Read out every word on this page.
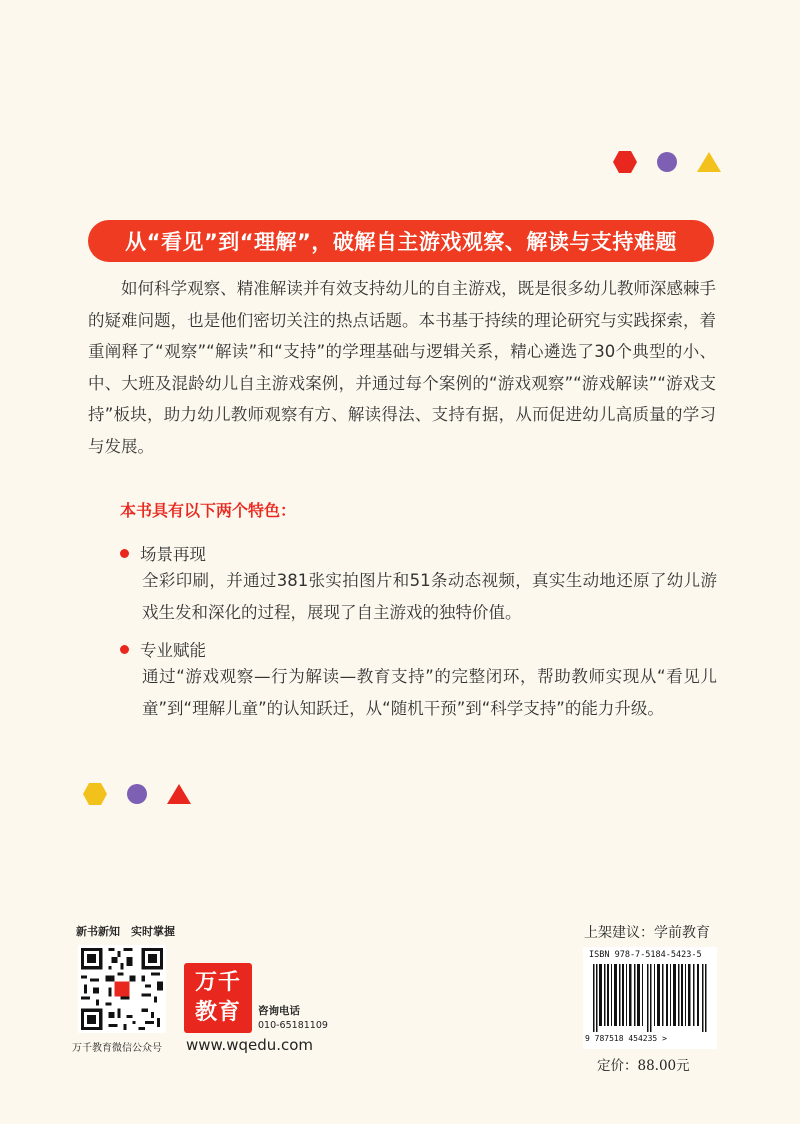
从“看见”到“理解”，破解自主游戏观察、解读与支持难题

如何科学观察、精准解读并有效支持幼儿的自主游戏，既是很多幼儿教师深感棘手的疑难问题，也是他们密切关注的热点话题。本书基于持续的理论研究与实践探索，着重阐释了“观察”“解读”和“支持”的学理基础与逻辑关系，精心遴选了30个典型的小、中、大班及混龄幼儿自主游戏案例，并通过每个案例的“游戏观察”“游戏解读”“游戏支持”板块，助力幼儿教师观察有方、解读得法、支持有据，从而促进幼儿高质量的学习与发展。

本书具有以下两个特色：
场景再现

全彩印刷，并通过381张实拍图片和51条动态视频，真实生动地还原了幼儿游戏生发和深化的过程，展现了自主游戏的独特价值。

专业赋能

通过“游戏观察—行为解读—教育支持”的完整闭环，帮助教师实现从“看见儿童”到“理解儿童”的认知跃迁，从“随机干预”到“科学支持”的能力升级。

新书新知　实时掌握
万千教育微信公众号
万千
教育 咨询电话
010-65181109
www.wqedu.com
上架建议：学前教育
ISBN 978-7-5184-5423-5
9 787518 454235 >
定价：88.00元
